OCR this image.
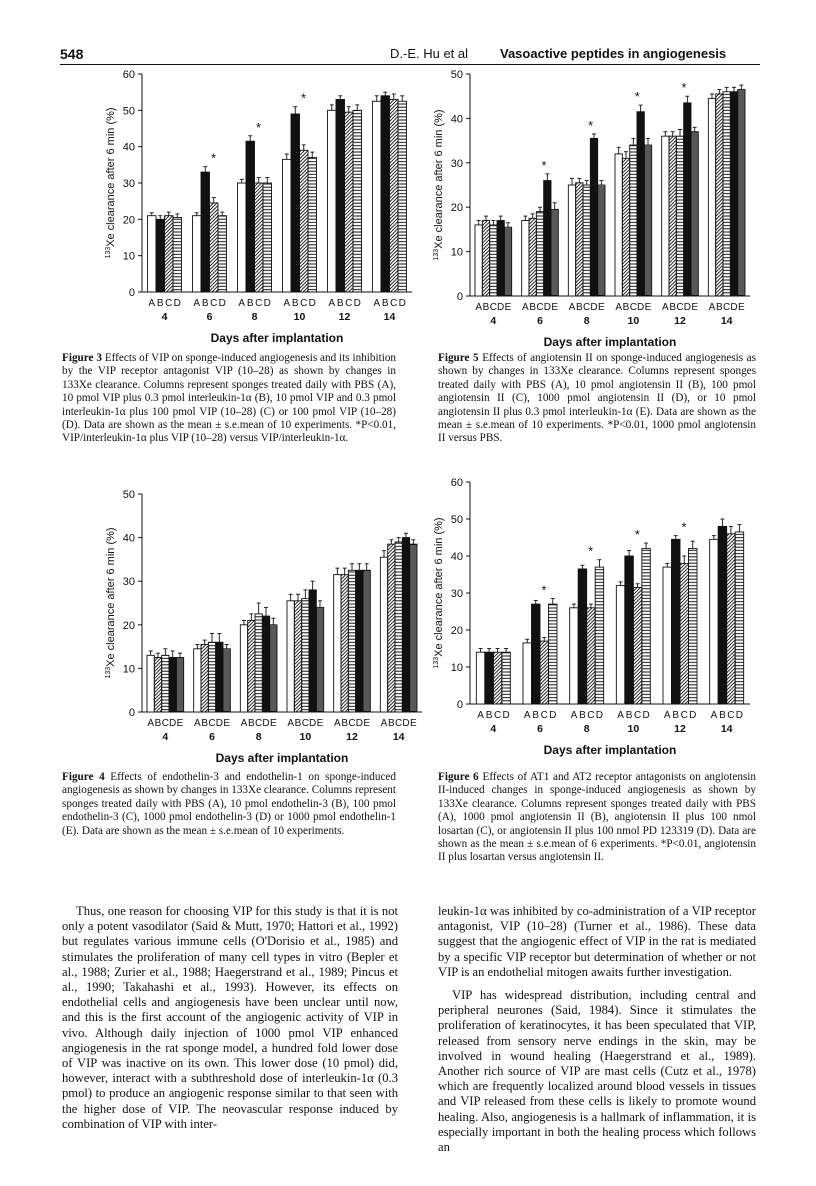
548	D.-E. Hu et al Vasoactive peptides in angiogenesis
0
10
20
30
40
50
60
$^{133}$Xe clearance after 6 min (%)
A B C D
4
A B C D
*
6
A B C D
*
8
A B C D
*
10
A B C D
12
A B C D
14
Days after implantation
0
10
20
30
40
50
$^{133}$Xe clearance after 6 min (%)
A B C D E
4
A B C D E
*
6
A B C D E
*
8
A B C D E
*
10
A B C D E
*
12
A B C D E
14
Days after implantation
0
10
20
30
40
50
$^{133}$Xe clearance after 6 min (%)
A B C D E
4
A B C D E
6
A B C D E
8
A B C D E
10
A B C D E
12
A B C D E
14
Days after implantation
0
10
20
30
40
50
60
$^{133}$Xe clearance after 6 min (%)
A B C D
4
A B C D
*
6
A B C D
*
8
A B C D
*
10
A B C D
*
12
A B C D
14
Days after implantation
Figure 3 Effects of VIP on sponge-induced angiogenesis and its inhibition by the VIP receptor antagonist VIP (10–28) as shown by changes in 133Xe clearance. Columns represent sponges treated daily with PBS (A), 10 pmol VIP plus 0.3 pmol interleukin-1α (B), 10 pmol VIP and 0.3 pmol interleukin-1α plus 100 pmol VIP (10–28) (C) or 100 pmol VIP (10–28) (D). Data are shown as the mean ± s.e.mean of 10 experiments. *P<0.01, VIP/interleukin-1α plus VIP (10–28) versus VIP/interleukin-1α.
Figure 5 Effects of angiotensin II on sponge-induced angiogenesis as shown by changes in 133Xe clearance. Columns represent sponges treated daily with PBS (A), 10 pmol angiotensin II (B), 100 pmol angiotensin II (C), 1000 pmol angiotensin II (D), or 10 pmol angiotensin II plus 0.3 pmol interleukin-1α (E). Data are shown as the mean ± s.e.mean of 10 experiments. *P<0.01, 1000 pmol angiotensin II versus PBS.
Figure 4 Effects of endothelin-3 and endothelin-1 on sponge-induced angiogenesis as shown by changes in 133Xe clearance. Columns represent sponges treated daily with PBS (A), 10 pmol endothelin-3 (B), 100 pmol endothelin-3 (C), 1000 pmol endothelin-3 (D) or 1000 pmol endothelin-1 (E). Data are shown as the mean ± s.e.mean of 10 experiments.
Figure 6 Effects of AT1 and AT2 receptor antagonists on angiotensin II-induced changes in sponge-induced angiogenesis as shown by 133Xe clearance. Columns represent sponges treated daily with PBS (A), 1000 pmol angiotensin II (B), angiotensin II plus 100 nmol losartan (C), or angiotensin II plus 100 nmol PD 123319 (D). Data are shown as the mean ± s.e.mean of 6 experiments. *P<0.01, angiotensin II plus losartan versus angiotensin II.

Thus, one reason for choosing VIP for this study is that it is not only a potent vasodilator (Said & Mutt, 1970; Hattori et al., 1992) but regulates various immune cells (O'Dorisio et al., 1985) and stimulates the proliferation of many cell types in vitro (Bepler et al., 1988; Zurier et al., 1988; Haegerstrand et al., 1989; Pincus et al., 1990; Takahashi et al., 1993). However, its effects on endothelial cells and angiogenesis have been unclear until now, and this is the first account of the angiogenic activity of VIP in vivo. Although daily injection of 1000 pmol VIP enhanced angiogenesis in the rat sponge model, a hundred fold lower dose of VIP was inactive on its own. This lower dose (10 pmol) did, however, interact with a subthreshold dose of interleukin-1α (0.3 pmol) to produce an angiogenic response similar to that seen with the higher dose of VIP. The neovascular response induced by combination of VIP with inter-

leukin-1α was inhibited by co-administration of a VIP receptor antagonist, VIP (10–28) (Turner et al., 1986). These data suggest that the angiogenic effect of VIP in the rat is mediated by a specific VIP receptor but determination of whether or not VIP is an endothelial mitogen awaits further investigation.

VIP has widespread distribution, including central and peripheral neurones (Said, 1984). Since it stimulates the proliferation of keratinocytes, it has been speculated that VIP, released from sensory nerve endings in the skin, may be involved in wound healing (Haegerstrand et al., 1989). Another rich source of VIP are mast cells (Cutz et al., 1978) which are frequently localized around blood vessels in tissues and VIP released from these cells is likely to promote wound healing. Also, angiogenesis is a hallmark of inflammation, it is especially important in both the healing process which follows an
